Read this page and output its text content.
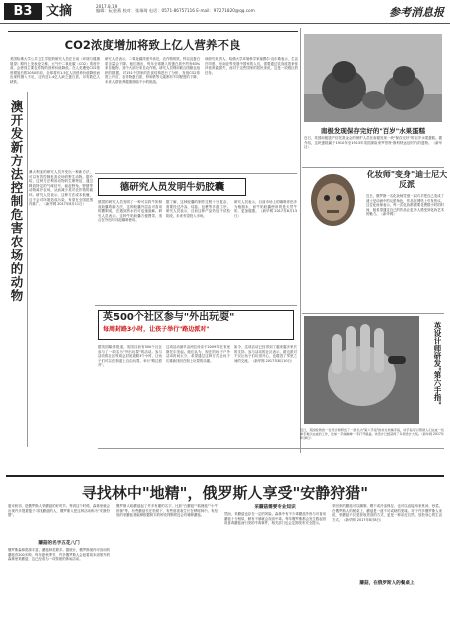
B3	文摘	2017.8.19
编辑：阮金燕 校对：张瑞琦 电话：0571-86757116 E-mail：97271820@qq.com	参考消息报
CO2浓度增加将致上亿人营养不良
美国哈佛大学公共卫生学院的研究人员在日前《环境与健康展望》期刊上发表论文称，大气中二氧化碳（CO2）浓度升高，会使得主要农作物的营养价值降低。在人类遭受CO2浓度增加后的2050年前，全球将有1.5亿人因营养价值降低而出现锌摄入不足，还有近1.4亿人缺乏蛋白质，另有数亿人缺铁。
研究人员表示，二氧化碳浓度升高后，农作物的铁、锌以及蛋白质含量会下降。他们指出，每年全球摄入的蛋白质中约有63%来自植物，其中大部分来自农作物。研究人员利用联合国粮农组织的数据，对151个国家的饮食结构进行了分析，发现CO2浓度上升后，农作物蛋白质、锌和铁等元素都有不同程度的下降，未来人群营养健康面临不小的挑战。
该研究负责人、哈佛大学环境科学家塞缪尔·迈尔斯表示，生活在印度、东南亚等发展中国家的人们，需要通过饮食改善来弥补营养素损失，而对于这些国家的居民来说，这是一项艰巨的任务。
澳开发新方法控制危害农场的动物 澳大利亚的研究人员开发出一种新方法，可以有效控制危害农场的野生动物。据介绍，这种方法利用动物的生理特征，通过释放特定的气味信号，驱赶野兔、野猪等动物离开农场，从而减少其对农作物的破坏。研究人员表示，这种方法成本低廉，且不会对环境造成污染，有望在全国范围内推广。（新华网 2017年8月11日）
德研究人员发明牛奶胶囊
德国的研究人员发明了一种可以将牛奶制成胶囊的新方法，这种胶囊外层由可食用的糖制成，在遇到热水后可迅速溶解。研究人员表示，这种牛奶胶囊方便携带，适合在外出时冲泡咖啡使用。
据了解，这种胶囊的制作过程十分复杂，需要经过冷冻、结晶、包裹等多道工序。研究人员表示，目前这种产品仍处于试验阶段，未来有望投入市场。
研究人员表示，目前市场上的咖啡伴侣多为植脂末，而牛奶胶囊使用的是天然牛奶，更加健康。（新华网 2017年8月13日）
英500个社区参与"外出玩耍"
每周封路3小时，让孩子举行"路边派对"
据英国媒体报道，英国目前有500个社区参与了一项名为"外出玩耍"的活动。参与活动的社区每周会封闭道路3个小时，让孩子们可以在街道上自由玩耍，举行"路边派对"。
这项活动最早由两位母亲于2009年在布里斯托尔发起。她们认为，现在的孩子户外活动时间太少，希望通过这种方式让孩子们重新找回在街上玩耍的乐趣。
如今，这项活动已经得到了越来越多家长的支持。参与活动的社区表示，路边派对不仅让孩子们玩得开心，也增进了邻里之间的交流。（新华网 2017年8月10日）
南极发现保存完好的"百岁"水果蛋糕
近日，英国南极遗产信托基金会的保护人员在南极发现一块"保存完好"的百岁水果蛋糕。据介绍，这块蛋糕属于1910年至1913年英国探险家罗伯特·斯科特远征时代的遗物。（新华社）
化妆师"变身"迪士尼大反派
近日，俄罗斯一名化妆师凭借一双巧手把自己变成了迪士尼动画中的反派角色，作品在网络上引发热议。这位化妆师表示，每一次化妆都需要花费数小时的时间，她希望通过自己的作品让更多人感受到化妆艺术的魅力。（新华网）
英设计师研发"第六手指"
近日，英国伦敦的一名设计师研发了一款名为"第六手指"的仿生机械手指，该手指可以帮助人们完成一些单手难以完成的工作，比如一手端咖啡一手打开瓶盖。该设计已经获得了多项设计大奖。（新华网 2017年8月8日）
寻找林中"地精"，俄罗斯人享受"安静狩猎"
夏末秋初，是俄罗斯人采蘑菇的好时节。每到这个时候，森林里就会出现许多提着篮子寻找蘑菇的人，俄罗斯人把这种活动称为"安静狩猎"。
蘑菇的名字五花八门
俄罗斯森林资源丰富，蘑菇种类繁多。据统计，俄罗斯境内可食用的蘑菇有200多种。每年夏秋季节，许多俄罗斯人会趁着周末到郊外的森林里采蘑菇，这已经成为一项传统的休闲活动。
俄罗斯人给蘑菇起了许多有趣的名字，比如"白蘑菇""狐狸菇""小牛肝菌"等。有些蘑菇长在松树下，有些则喜欢生长在桦树林中。有经验的采蘑菇者能够根据树木的种类判断附近会有哪种蘑菇。
采蘑菇需要专业知识
然而，采蘑菇也存在一定的风险。森林中有不少毒蘑菇外形与可食用蘑菇十分相似，稍有不慎就会误食中毒。每年俄罗斯都会发生数起因误食毒蘑菇而引发的中毒事件，相关部门也会定期发布安全提示。
蘑菇，在俄罗斯人的餐桌上
采回来的蘑菇可以腌制、晒干或冷冻保存，也可以直接用来煮汤、炒菜。在俄罗斯人的餐桌上，蘑菇是一道不可或缺的美味。对于许多俄罗斯人来说，采蘑菇不仅是获取美食的方式，更是一种亲近自然、放松身心的生活方式。（新华网 2017年8月8日）
